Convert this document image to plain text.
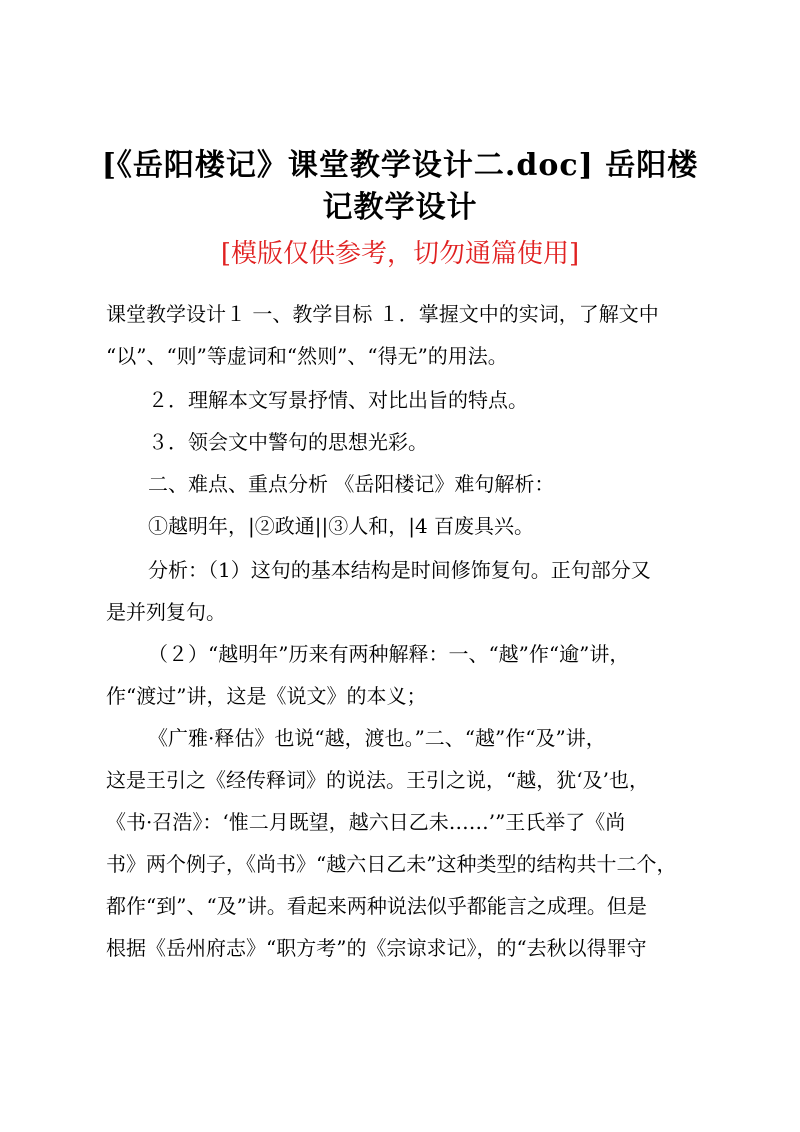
[《岳阳楼记》课堂教学设计二.doc] 岳阳楼
记教学设计
[模版仅供参考，切勿通篇使用]
课堂教学设计１ 一、教学目标 １．掌握文中的实词，了解文中
“以”、“则”等虚词和“然则”、“得无”的用法。
２．理解本文写景抒情、对比出旨的特点。
３．领会文中警句的思想光彩。
二、难点、重点分析 《岳阳楼记》难句解析：
①越明年，|②政通||③人和，|4 百废具兴。
分析：（1）这句的基本结构是时间修饰复句。正句部分又
是并列复句。
（２）“越明年”历来有两种解释：一、“越”作“逾”讲，
作“渡过”讲，这是《说文》的本义；
《广雅·释估》也说“越，渡也。”二、“越”作“及”讲，
这是王引之《经传释词》的说法。王引之说，“越，犹‘及’也，
《书·召浩》：‘惟二月既望，越六日乙未……’”王氏举了《尚
书》两个例子，《尚书》“越六日乙未”这种类型的结构共十二个，
都作“到”、“及”讲。看起来两种说法似乎都能言之成理。但是
根据《岳州府志》“职方考”的《宗谅求记》，的“去秋以得罪守
